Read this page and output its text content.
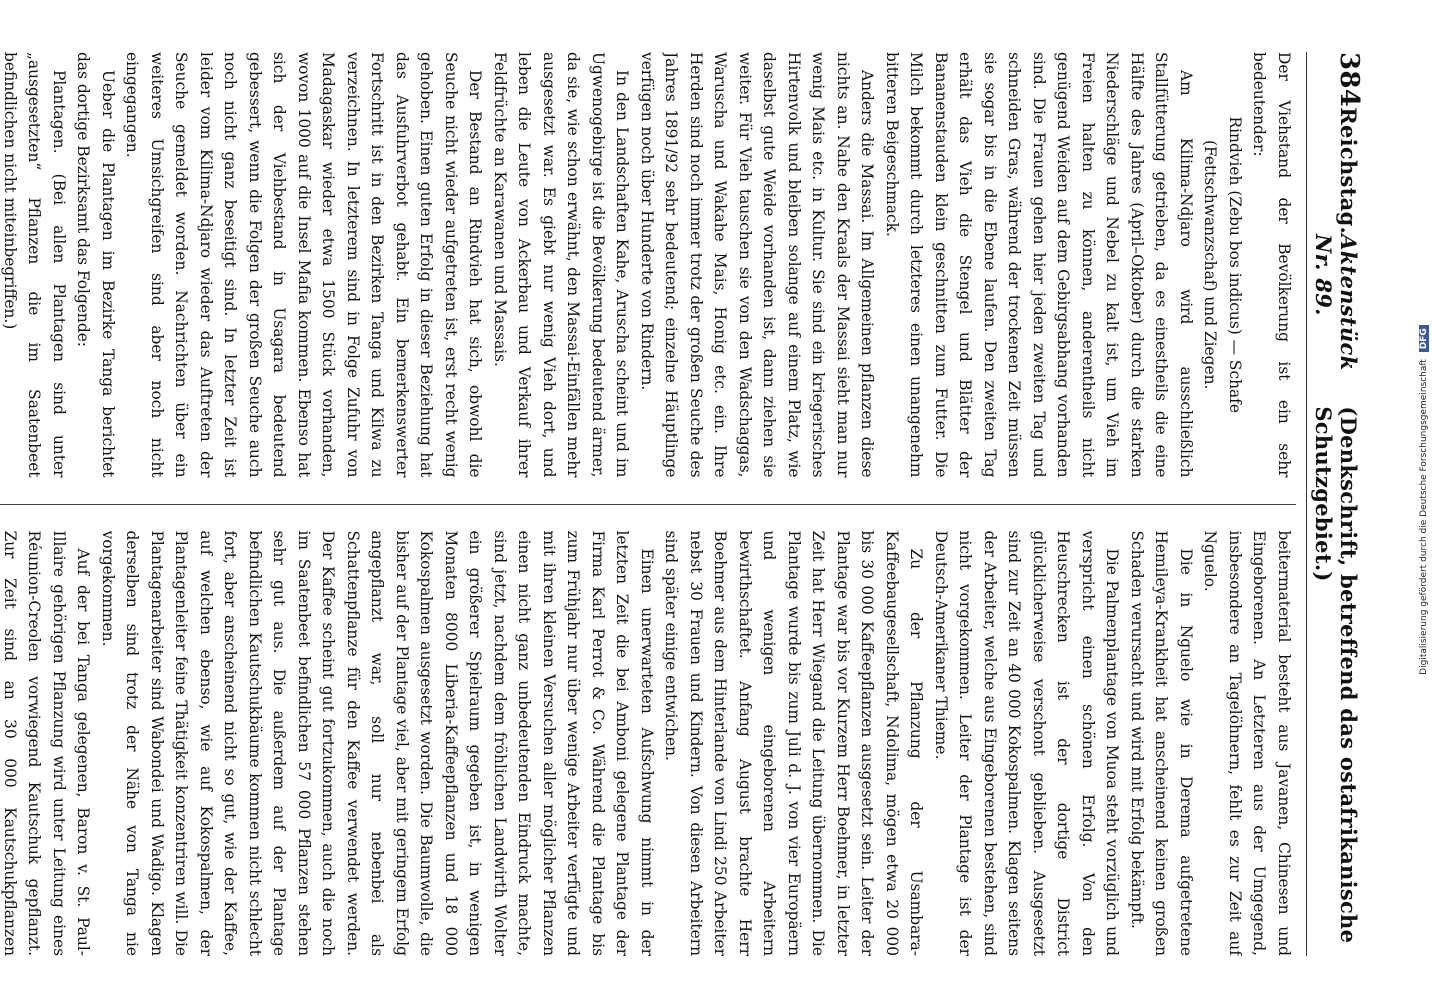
384
Reichstag.
Aktenstück Nr. 89.
(Denkschrift, betreffend das ostafrikanische Schutzgebiet.)

Der Viehstand der Bevölkerung ist ein sehr bedeutender:

Rindvieh (Zebu bos indicus) — Schafe (Fettschwanzschaf) und Ziegen.

Am Kilima-Ndjaro wird ausschließlich Stallfütterung getrieben, da es einestheils die eine Hälfte des Jahres (April–Oktober) durch die starken Niederschläge und Nebel zu kalt ist, um Vieh im Freien halten zu können, anderentheils nicht genügend Weiden auf dem Gebirgsabhang vorhanden sind. Die Frauen gehen hier jeden zweiten Tag und schneiden Gras, während der trockenen Zeit müssen sie sogar bis in die Ebene laufen. Den zweiten Tag erhält das Vieh die Stengel und Blätter der Bananenstauden klein geschnitten zum Futter. Die Milch bekommt durch letzteres einen unangenehm bitteren Beigeschmack.

Anders die Massai. Im Allgemeinen pflanzen diese nichts an. Nahe den Kraals der Massai sieht man nur wenig Mais etc. in Kultur. Sie sind ein kriegerisches Hirtenvolk und bleiben solange auf einem Platz, wie daselbst gute Weide vorhanden ist, dann ziehen sie weiter. Für Vieh tauschen sie von den Wadschaggas, Waruscha und Wakahe Mais, Honig etc. ein. Ihre Herden sind noch immer trotz der großen Seuche des Jahres 1891/92 sehr bedeutend; einzelne Häuptlinge verfügen noch über Hunderte von Rindern.

In den Landschaften Kahe, Aruscha scheint und im Ugwenogebirge ist die Bevölkerung bedeutend ärmer, da sie, wie schon erwähnt, den Massai-Einfällen mehr ausgesetzt war. Es giebt nur wenig Vieh dort, und leben die Leute von Ackerbau und Verkauf ihrer Feldfrüchte an Karawanen und Massais.

Der Bestand an Rindvieh hat sich, obwohl die Seuche nicht wieder aufgetreten ist, erst recht wenig gehoben. Einen guten Erfolg in dieser Beziehung hat das Ausfuhrverbot gehabt. Ein bemerkenswerter Fortschritt ist in den Bezirken Tanga und Kilwa zu verzeichnen. In letzterem sind in Folge Zufuhr von Madagaskar wieder etwa 1500 Stück vorhanden, wovon 1000 auf die Insel Mafia kommen. Ebenso hat sich der Viehbestand in Usagara bedeutend gebessert, wenn die Folgen der großen Seuche auch noch nicht ganz beseitigt sind. In letzter Zeit ist leider vom Kilima-Ndjaro wieder das Auftreten der Seuche gemeldet worden. Nachrichten über ein weiteres Umsichgreifen sind aber noch nicht eingegangen.

Ueber die Plantagen im Bezirke Tanga berichtet das dortige Bezirksamt das Folgende:

Plantagen. (Bei allen Plantagen sind unter „ausgesetzten“ Pflanzen die im Saatenbeet befindlichen nicht miteinbegriffen.)

beitermaterial besteht aus Javanen, Chinesen und Eingeborenen. An Letzteren aus der Umgegend, insbesondere an Tagelöhnern, fehlt es zur Zeit auf Nguelo.

Die in Nguelo wie in Derema aufgetretene Hemileya-Krankheit hat anscheinend keinen großen Schaden verursacht und wird mit Erfolg bekämpft.

Die Palmenplantage von Muoa steht vorzüglich und verspricht einen schönen Erfolg. Von den Heuschrecken ist der dortige District glücklicherweise verschont geblieben. Ausgesetzt sind zur Zeit an 40 000 Kokospalmen. Klagen seitens der Arbeiter, welche aus Eingeborenen bestehen, sind nicht vorgekommen. Leiter der Plantage ist der Deutsch-Amerikaner Thieme.

Zu der Pflanzung der Usambara-Kaffeebaugesellschaft, Ndolima, mögen etwa 20 000 bis 30 000 Kaffeepflanzen ausgesetzt sein. Leiter der Plantage war bis vor Kurzem Herr Boehmer, in letzter Zeit hat Herr Wiegand die Leitung übernommen. Die Plantage wurde bis zum Juli d. J. von vier Europäern und wenigen eingeborenen Arbeitern bewirthschaftet. Anfang August brachte Herr Boehmer aus dem Hinterlande von Lindi 250 Arbeiter nebst 30 Frauen und Kindern. Von diesen Arbeitern sind später einige entwichen.

Einen unerwarteten Aufschwung nimmt in der letzten Zeit die bei Amboni gelegene Plantage der Firma Karl Perrot & Co. Während die Plantage bis zum Frühjahr nur über wenige Arbeiter verfügte und mit ihren kleinen Versuchen aller möglicher Pflanzen einen nicht ganz unbedeutenden Eindruck machte, sind jetzt, nachdem dem fröhlichen Landwirth Wolter ein größerer Spielraum gegeben ist, in wenigen Monaten 8000 Liberia-Kaffeepflanzen und 18 000 Kokospalmen ausgesetzt worden. Die Baumwolle, die bisher auf der Plantage viel, aber mit geringem Erfolg angepflanzt war, soll nur nebenbei als Schattenpflanze für den Kaffee verwendet werden. Der Kaffee scheint gut fortzukommen, auch die noch im Saatenbeet befindlichen 57 000 Pflanzen stehen sehr gut aus. Die außerdem auf der Plantage befindlichen Kautschukbäume kommen nicht schlecht fort, aber anscheinend nicht so gut, wie der Kaffee, auf welchen ebenso, wie auf Kokospalmen, der Plantagenleiter feine Thätigkeit konzentriren will. Die Plantagenarbeiter sind Wabondei und Wadigo. Klagen derselben sind trotz der Nähe von Tanga nie vorgekommen.

Auf der bei Tanga gelegenen, Baron v. St. Paul-Illaire gehörigen Pflanzung wird unter Leitung eines Réunion-Creolen vorwiegend Kautschuk gepflanzt. Zur Zeit sind an 30 000 Kautschukpflanzen

Digitalisierung gefördert durch die Deutsche Forschungsgemeinschaft DFG
